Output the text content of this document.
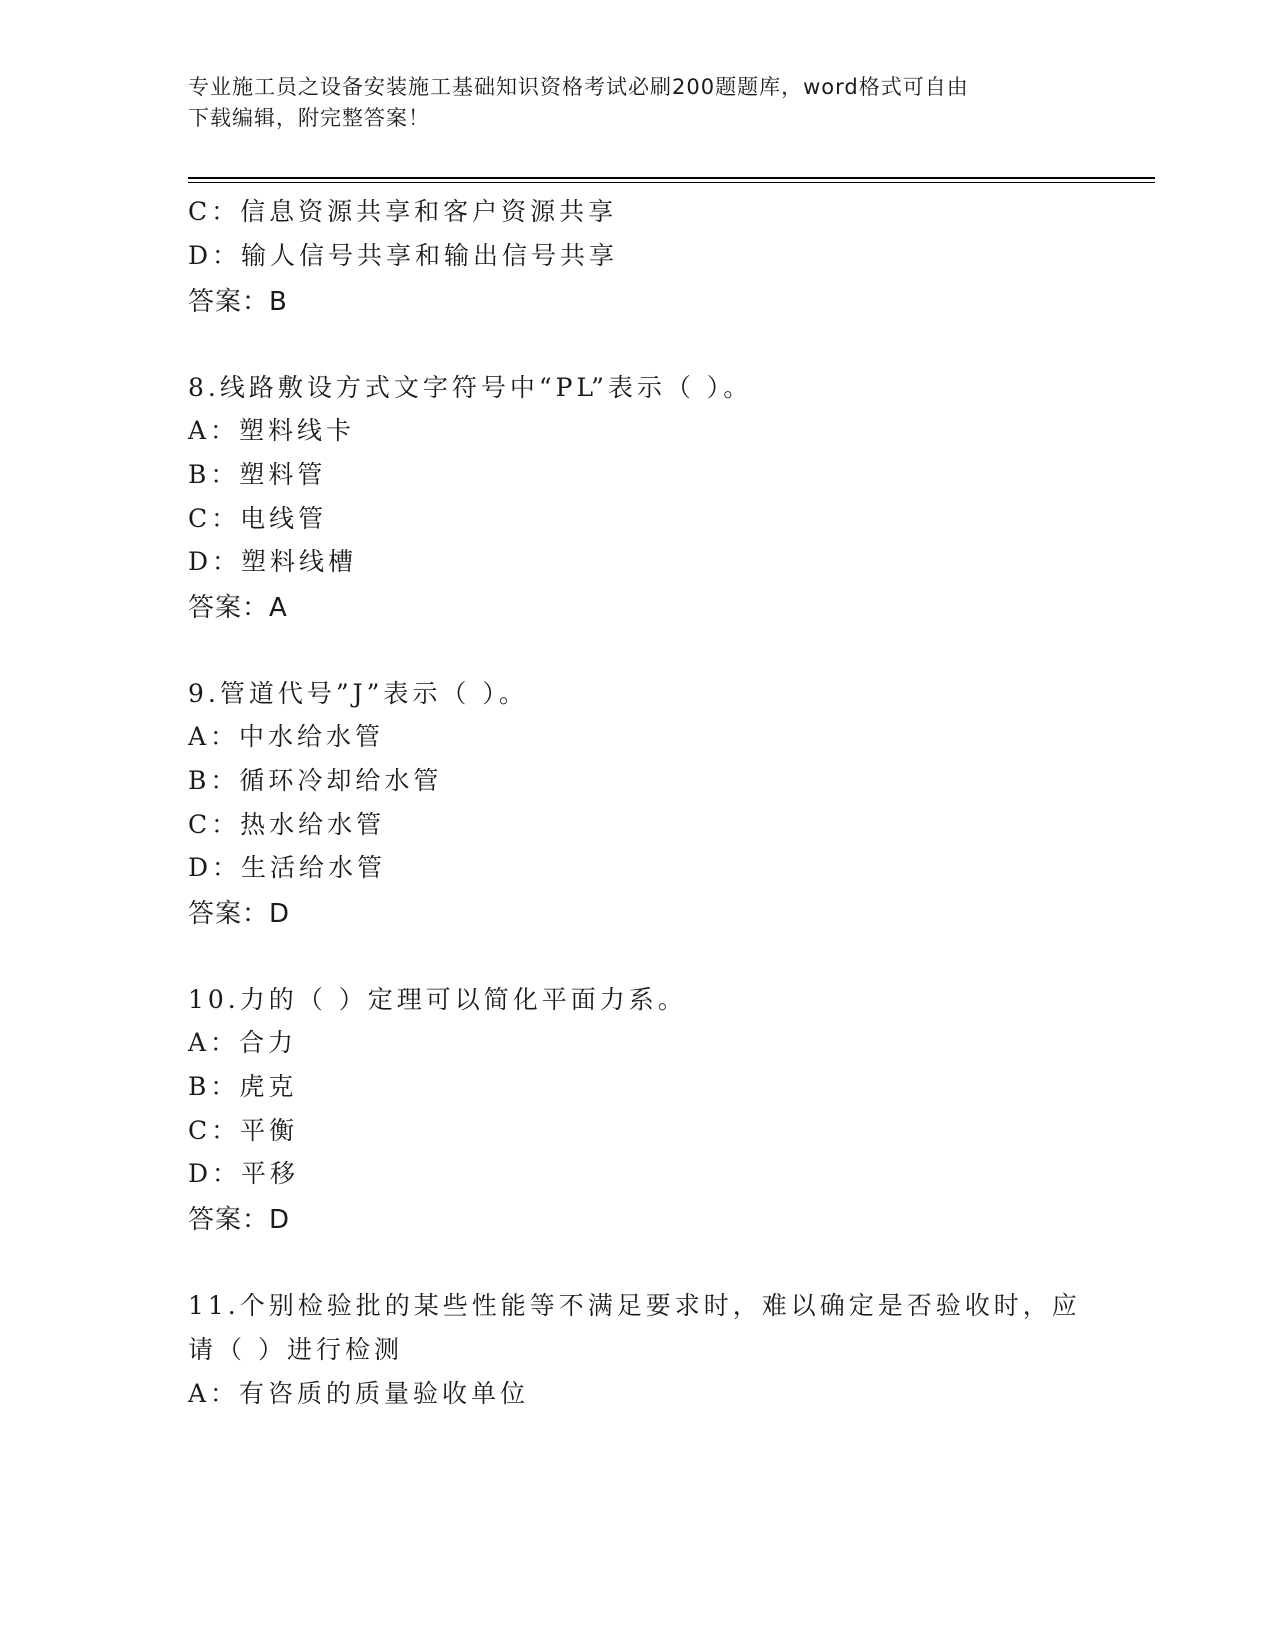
专业施工员之设备安装施工基础知识资格考试必刷200题题库，word格式可自由
下载编辑，附完整答案！
C：信息资源共享和客户资源共享
D：输人信号共享和输出信号共享
答案：B
8.线路敷设方式文字符号中“PL”表示（ ）。
A：塑料线卡
B：塑料管
C：电线管
D：塑料线槽
答案：A
9.管道代号”J”表示（ ）。
A：中水给水管
B：循环冷却给水管
C：热水给水管
D：生活给水管
答案：D
10.力的（ ）定理可以简化平面力系。
A：合力
B：虎克
C：平衡
D：平移
答案：D
11.个别检验批的某些性能等不满足要求时，难以确定是否验收时，应
请（ ）进行检测
A：有咨质的质量验收单位
